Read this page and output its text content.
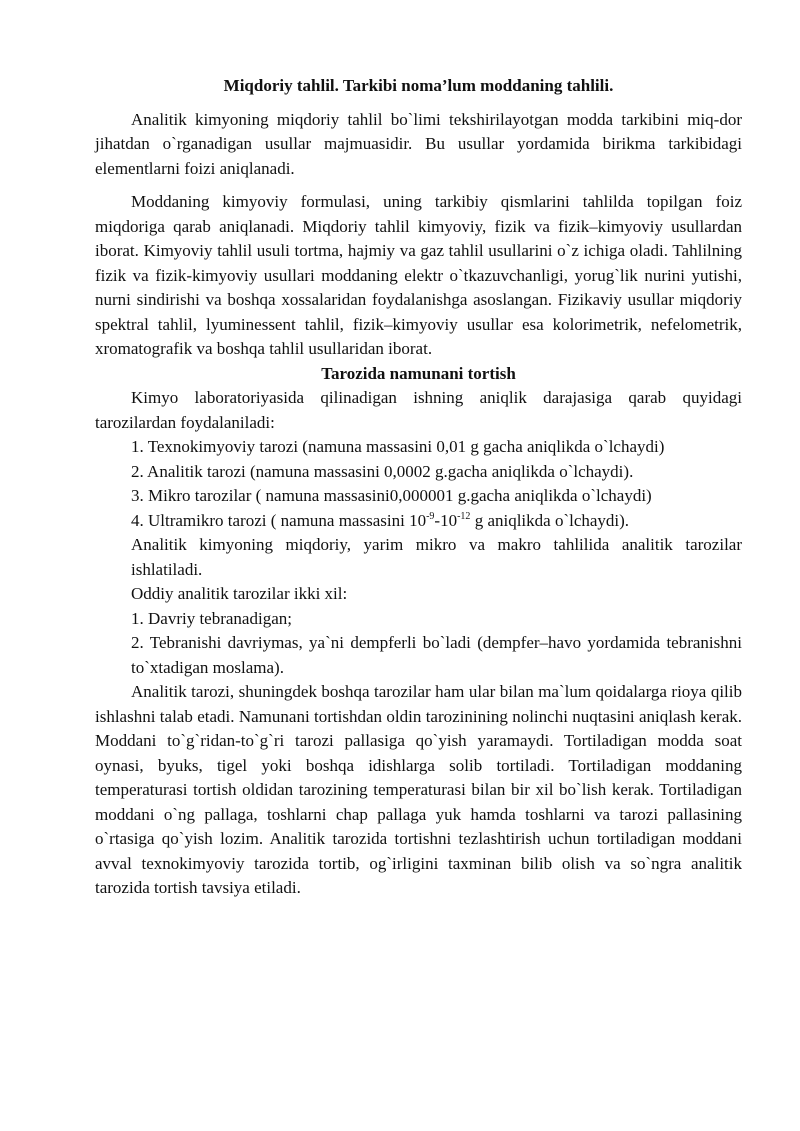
Miqdoriy tahlil. Tarkibi noma’lum moddaning tahlili.

Analitik kimyoning miqdoriy tahlil bo`limi tekshirilayotgan modda tarkibini miq-dor jihatdan o`rganadigan usullar majmuasidir. Bu usullar yordamida birikma tarkibidagi elementlarni foizi aniqlanadi.

Moddaning kimyoviy formulasi, uning tarkibiy qismlarini tahlilda topilgan foiz miqdoriga qarab aniqlanadi. Miqdoriy tahlil kimyoviy, fizik va fizik–kimyoviy usullardan iborat. Kimyoviy tahlil usuli tortma, hajmiy va gaz tahlil usullarini o`z ichiga oladi. Tahlilning fizik va fizik-kimyoviy usullari moddaning elektr o`tkazuvchanligi, yorug`lik nurini yutishi, nurni sindirishi va boshqa xossalaridan foydalanishga asoslangan. Fizikaviy usullar miqdoriy spektral tahlil, lyuminessent tahlil, fizik–kimyoviy usullar esa kolorimetrik, nefelometrik, xromatografik va boshqa tahlil usullaridan iborat.

Tarozida namunani tortish

Kimyo laboratoriyasida qilinadigan ishning aniqlik darajasiga qarab quyidagi tarozilardan foydalaniladi:

1. Texnokimyoviy tarozi (namuna massasini 0,01 g gacha aniqlikda o`lchaydi)

2. Analitik tarozi (namuna massasini 0,0002 g.gacha aniqlikda o`lchaydi).

3. Mikro tarozilar ( namuna massasini0,000001 g.gacha aniqlikda o`lchaydi)

4. Ultramikro tarozi ( namuna massasini $10^{-9}-10^{-12}$ g aniqlikda o`lchaydi).

Analitik kimyoning miqdoriy, yarim mikro va makro tahlilida analitik tarozilar ishlatiladi.

Oddiy analitik tarozilar ikki xil:

1. Davriy tebranadigan;

2. Tebranishi davriymas, ya`ni dempferli bo`ladi (dempfer–havo yordamida tebranishni to`xtadigan moslama).

Analitik tarozi, shuningdek boshqa tarozilar ham ular bilan ma`lum qoidalarga rioya qilib ishlashni talab etadi. Namunani tortishdan oldin tarozinining nolinchi nuqtasini aniqlash kerak. Moddani to`g`ridan-to`g`ri tarozi pallasiga qo`yish yaramaydi. Tortiladigan modda soat oynasi, byuks, tigel yoki boshqa idishlarga solib tortiladi. Tortiladigan moddaning temperaturasi tortish oldidan tarozining temperaturasi bilan bir xil bo`lish kerak. Tortiladigan moddani o`ng pallaga, toshlarni chap pallaga yuk hamda toshlarni va tarozi pallasining o`rtasiga qo`yish lozim. Analitik tarozida tortishni tezlashtirish uchun tortiladigan moddani avval texnokimyoviy tarozida tortib, og`irligini taxminan bilib olish va so`ngra analitik tarozida tortish tavsiya etiladi.
